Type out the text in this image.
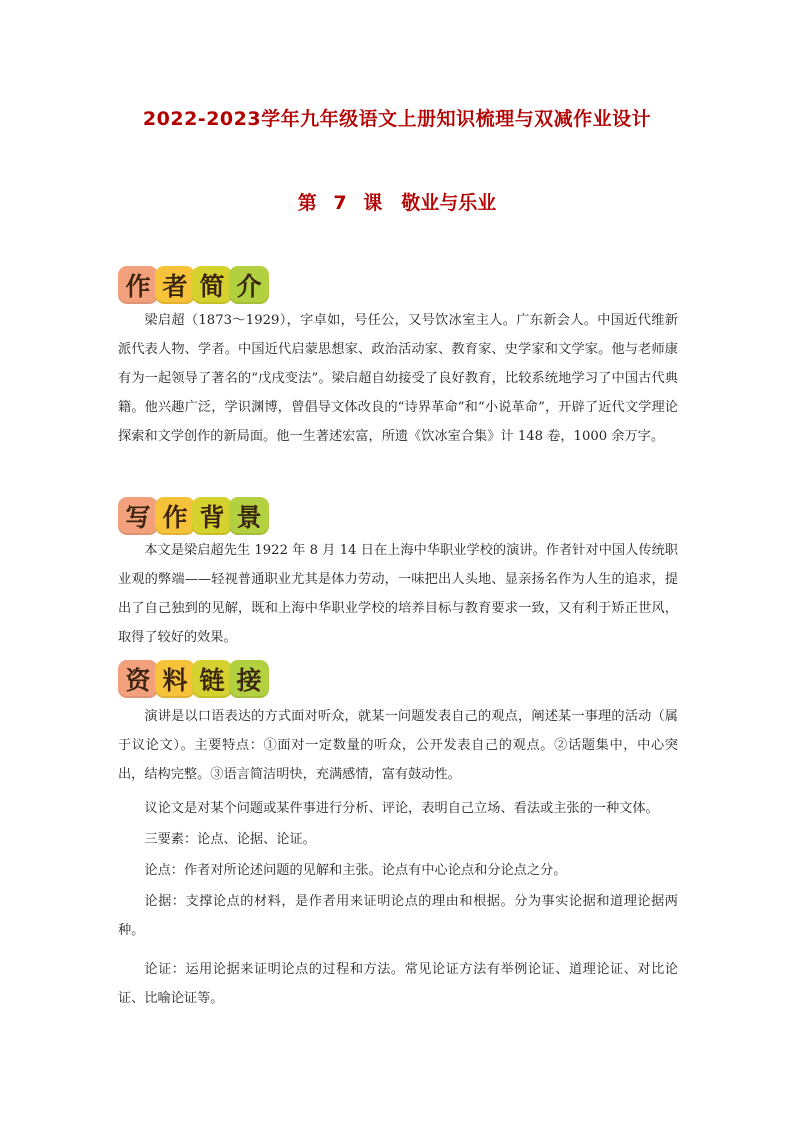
2022-2023学年九年级语文上册知识梳理与双减作业设计
第 7 课　敬业与乐业
作 者 简 介

梁启超（1873～1929），字卓如，号任公，又号饮冰室主人。广东新会人。中国近代维新派代表人物、学者。中国近代启蒙思想家、政治活动家、教育家、史学家和文学家。他与老师康有为一起领导了著名的“戊戌变法”。梁启超自幼接受了良好教育，比较系统地学习了中国古代典籍。他兴趣广泛，学识渊博，曾倡导文体改良的“诗界革命”和“小说革命”，开辟了近代文学理论探索和文学创作的新局面。他一生著述宏富，所遗《饮冰室合集》计 148 卷，1000 余万字。

写 作 背 景

本文是梁启超先生 1922 年 8 月 14 日在上海中华职业学校的演讲。作者针对中国人传统职业观的弊端——轻视普通职业尤其是体力劳动，一味把出人头地、显亲扬名作为人生的追求，提出了自己独到的见解，既和上海中华职业学校的培养目标与教育要求一致，又有利于矫正世风，取得了较好的效果。

资 料 链 接

演讲是以口语表达的方式面对听众，就某一问题发表自己的观点，阐述某一事理的活动（属于议论文）。主要特点：①面对一定数量的听众，公开发表自己的观点。②话题集中，中心突出，结构完整。③语言简洁明快，充满感情，富有鼓动性。

议论文是对某个问题或某件事进行分析、评论，表明自己立场、看法或主张的一种文体。

三要素：论点、论据、论证。

论点：作者对所论述问题的见解和主张。论点有中心论点和分论点之分。

论据：支撑论点的材料，是作者用来证明论点的理由和根据。分为事实论据和道理论据两种。

论证：运用论据来证明论点的过程和方法。常见论证方法有举例论证、道理论证、对比论证、比喻论证等。
